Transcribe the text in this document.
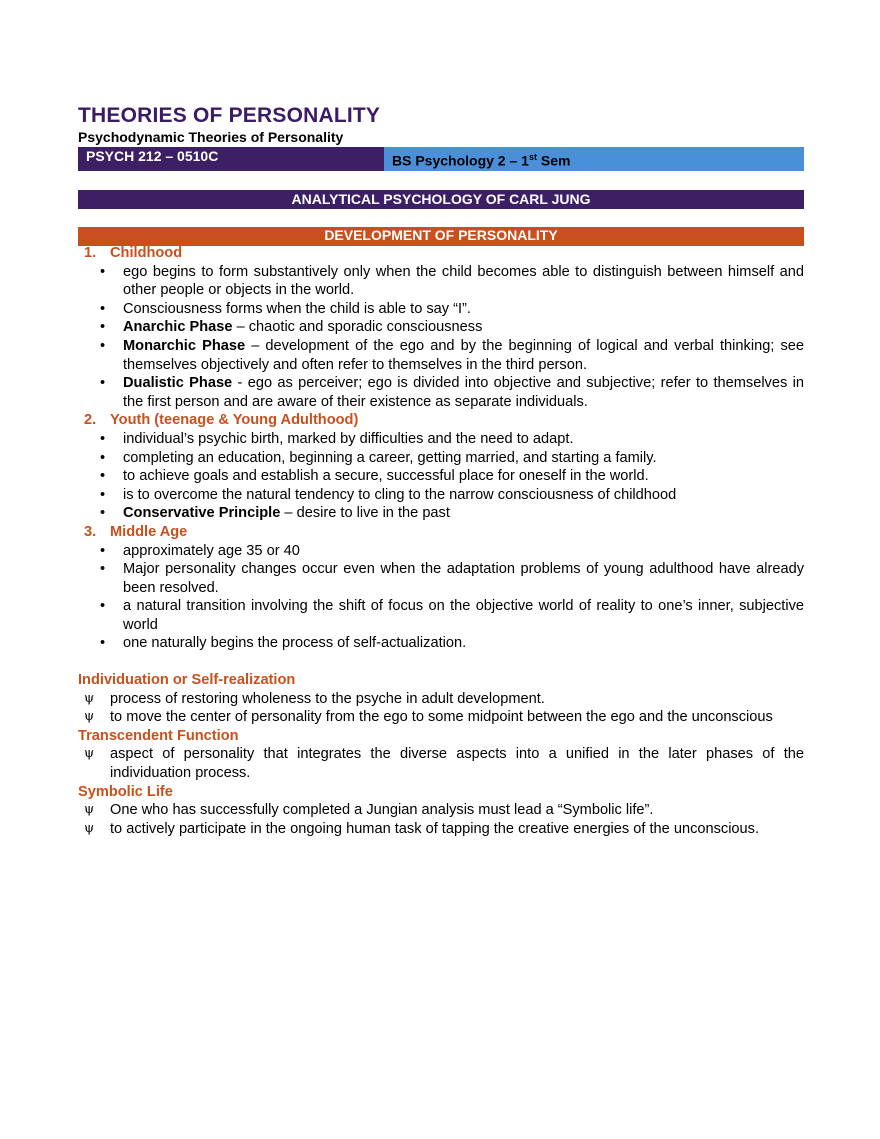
THEORIES OF PERSONALITY
Psychodynamic Theories of Personality
PSYCH 212 – 0510C	BS Psychology 2 – 1st Sem
ANALYTICAL PSYCHOLOGY OF CARL JUNG
DEVELOPMENT OF PERSONALITY
1. Childhood
• ego begins to form substantively only when the child becomes able to distinguish between himself and other people or objects in the world.
• Consciousness forms when the child is able to say “I”.
• Anarchic Phase – chaotic and sporadic consciousness
• Monarchic Phase – development of the ego and by the beginning of logical and verbal thinking; see themselves objectively and often refer to themselves in the third person.
• Dualistic Phase - ego as perceiver; ego is divided into objective and subjective; refer to themselves in the first person and are aware of their existence as separate individuals.
2. Youth (teenage & Young Adulthood)
• individual’s psychic birth, marked by difficulties and the need to adapt.
• completing an education, beginning a career, getting married, and starting a family.
• to achieve goals and establish a secure, successful place for oneself in the world.
• is to overcome the natural tendency to cling to the narrow consciousness of childhood
• Conservative Principle – desire to live in the past
3. Middle Age
• approximately age 35 or 40
• Major personality changes occur even when the adaptation problems of young adulthood have already been resolved.
• a natural transition involving the shift of focus on the objective world of reality to one’s inner, subjective world
• one naturally begins the process of self-actualization.
Individuation or Self-realization
ψ process of restoring wholeness to the psyche in adult development.
ψ to move the center of personality from the ego to some midpoint between the ego and the unconscious
Transcendent Function
ψ aspect of personality that integrates the diverse aspects into a unified in the later phases of the individuation process.
Symbolic Life
ψ One who has successfully completed a Jungian analysis must lead a “Symbolic life”.
ψ to actively participate in the ongoing human task of tapping the creative energies of the unconscious.
